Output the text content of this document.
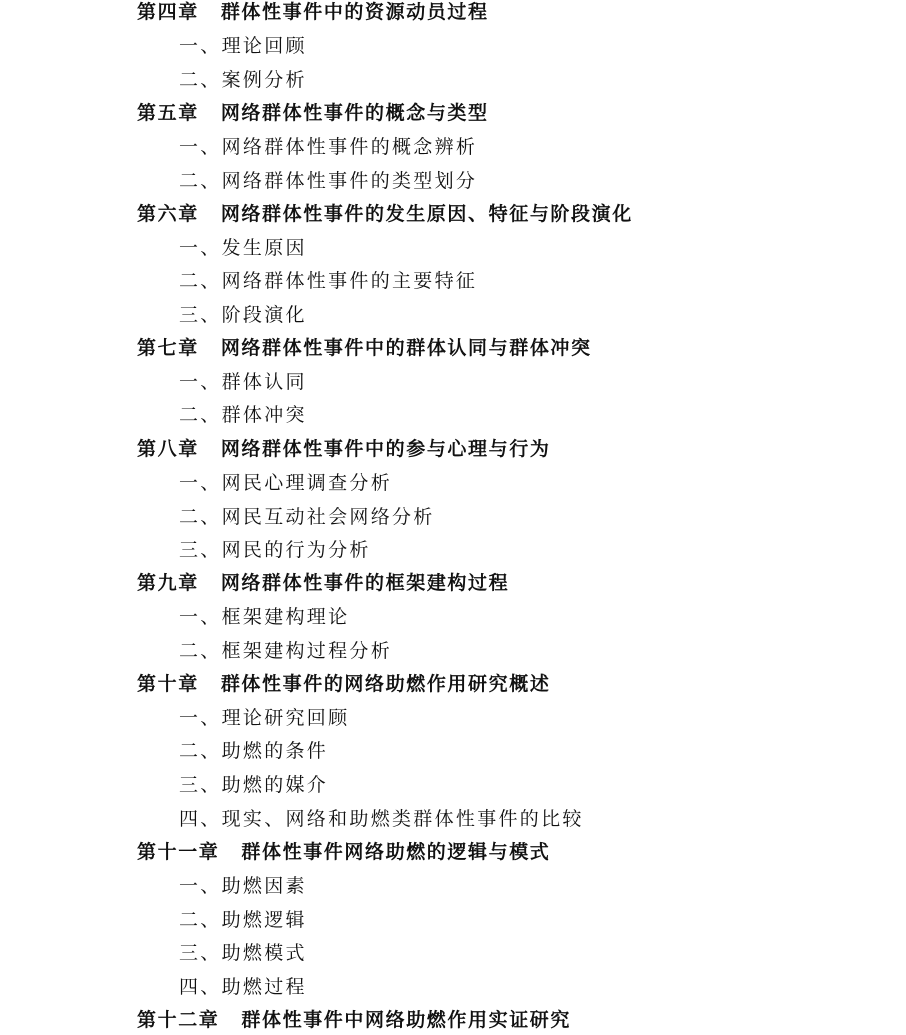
第四章 群体性事件中的资源动员过程
一、理论回顾
二、案例分析
第五章 网络群体性事件的概念与类型
一、网络群体性事件的概念辨析
二、网络群体性事件的类型划分
第六章 网络群体性事件的发生原因、特征与阶段演化
一、发生原因
二、网络群体性事件的主要特征
三、阶段演化
第七章 网络群体性事件中的群体认同与群体冲突
一、群体认同
二、群体冲突
第八章 网络群体性事件中的参与心理与行为
一、网民心理调查分析
二、网民互动社会网络分析
三、网民的行为分析
第九章 网络群体性事件的框架建构过程
一、框架建构理论
二、框架建构过程分析
第十章 群体性事件的网络助燃作用研究概述
一、理论研究回顾
二、助燃的条件
三、助燃的媒介
四、现实、网络和助燃类群体性事件的比较
第十一章 群体性事件网络助燃的逻辑与模式
一、助燃因素
二、助燃逻辑
三、助燃模式
四、助燃过程
第十二章 群体性事件中网络助燃作用实证研究
